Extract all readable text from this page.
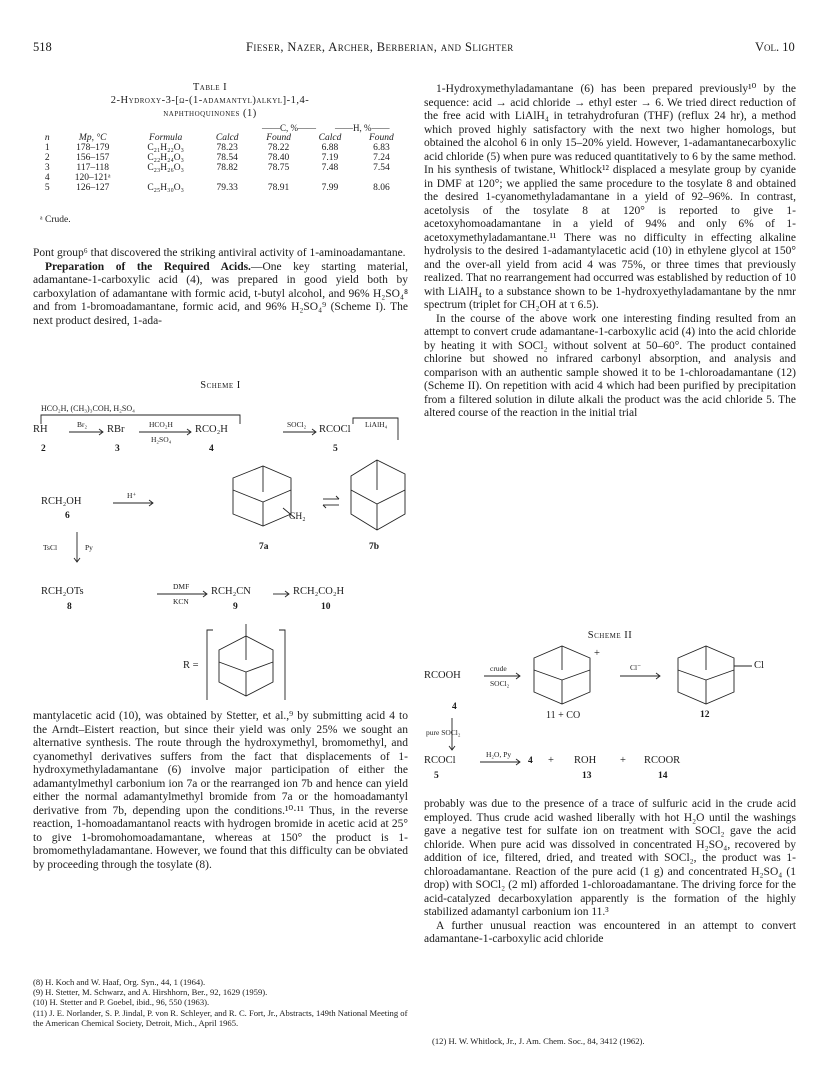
518	Fieser, Nazer, Archer, Berberian, and Slighter	Vol. 10
Table I
2-Hydroxy-3-[ω-(1-adamantyl)alkyl]-1,4-
naphthoquinones (1)
——C, %—— ——H, %——
n	Mp, °C	Formula	Calcd	Found	Calcd	Found
1	178–179	C₂₁H₂₂O₃	78.23	78.22	6.88	6.83
2	156–157	C₂₂H₂₄O₃	78.54	78.40	7.19	7.24
3	117–118	C₂₃H₂₆O₃	78.82	78.75	7.48	7.54
4	120–121ᵃ					
5	126–127	C₂₅H₃₀O₃	79.33	78.91	7.99	8.06
ᵃ Crude.

Pont group⁶ that discovered the striking antiviral activity of 1-aminoadamantane.

Preparation of the Required Acids.—One key starting material, adamantane-1-carboxylic acid (4), was prepared in good yield both by carboxylation of adamantane with formic acid, t-butyl alcohol, and 96% H₂SO₄⁸ and from 1-bromoadamantane, formic acid, and 96% H₂SO₄⁹ (Scheme I). The next product desired, 1-ada-

Scheme I
HCO₂H, (CH₃)₃COH, H₂SO₄
RH	Br₂ RBr	HCO₂H
H₂SO₄
RCO₂H	SOCl₂ RCOCl LiAlH₄
2	3	4	5
RCH₂OH
H⁺
6	CH₂
7a	7b
TsCl	Py
RCH₂OTs	DMF
KCN
RCH₂CN	RCH₂CO₂H
8	9	10
R =

mantylacetic acid (10), was obtained by Stetter, et al.,⁹ by submitting acid 4 to the Arndt–Eistert reaction, but since their yield was only 25% we sought an alternative synthesis. The route through the hydroxymethyl, bromomethyl, and cyanomethyl derivatives suffers from the fact that displacements of 1-hydroxymethyladamantane (6) involve major participation of either the adamantylmethyl carbonium ion 7a or the rearranged ion 7b and hence can yield either the normal adamantylmethyl bromide from 7a or the homoadamantyl derivative from 7b, depending upon the conditions.¹⁰·¹¹ Thus, in the reverse reaction, 1-homoadamantanol reacts with hydrogen bromide in acetic acid at 25° to give 1-bromohomoadamantane, whereas at 150° the product is 1-bromomethyladamantane. However, we found that this difficulty can be obviated by proceeding through the tosylate (8).

(8) H. Koch and W. Haaf, Org. Syn., 44, 1 (1964).
(9) H. Stetter, M. Schwarz, and A. Hirshhorn, Ber., 92, 1629 (1959).
(10) H. Stetter and P. Goebel, ibid., 96, 550 (1963).
(11) J. E. Norlander, S. P. Jindal, P. von R. Schleyer, and R. C. Fort, Jr., Abstracts, 149th National Meeting of the American Chemical Society, Detroit, Mich., April 1965.

1-Hydroxymethyladamantane (6) has been prepared previously¹⁰ by the sequence: acid → acid chloride → ethyl ester → 6. We tried direct reduction of the free acid with LiAlH₄ in tetrahydrofuran (THF) (reflux 24 hr), a method which proved highly satisfactory with the next two higher homologs, but obtained the alcohol 6 in only 15–20% yield. However, 1-adamantanecarboxylic acid chloride (5) when pure was reduced quantitatively to 6 by the same method. In his synthesis of twistane, Whitlock¹² displaced a mesylate group by cyanide in DMF at 120°; we applied the same procedure to the tosylate 8 and obtained the desired 1-cyanomethyladamantane in a yield of 92–96%. In contrast, acetolysis of the tosylate 8 at 120° is reported to give 1-acetoxyhomoadamantane in a yield of 94% and only 6% of 1-acetoxymethyladamantane.¹¹ There was no difficulty in effecting alkaline hydrolysis to the desired 1-adamantylacetic acid (10) in ethylene glycol at 150° and the over-all yield from acid 4 was 75%, or three times that previously realized. That no rearrangement had occurred was established by reduction of 10 with LiAlH₄ to a substance shown to be 1-hydroxyethyladamantane by the nmr spectrum (triplet for CH₂OH at τ 6.5).

In the course of the above work one interesting finding resulted from an attempt to convert crude adamantane-1-carboxylic acid (4) into the acid chloride by heating it with SOCl₂ without solvent at 50–60°. The product contained chlorine but showed no infrared carbonyl absorption, and analysis and comparison with an authentic sample showed it to be 1-chloroadamantane (12) (Scheme II). On repetition with acid 4 which had been purified by precipitation from a filtered solution in dilute alkali the product was the acid chloride 5. The altered course of the reaction in the initial trial

Scheme II
RCOOH
crude
SOCl₂
+
Cl⁻	Cl
4
11 + CO	12
pure SOCl₂
RCOCl
H₂O, Py
4 + ROH + RCOOR
5	13	14

probably was due to the presence of a trace of sulfuric acid in the crude acid employed. Thus crude acid washed liberally with hot H₂O until the washings gave a negative test for sulfate ion on treatment with SOCl₂ gave the acid chloride. When pure acid was dissolved in concentrated H₂SO₄, recovered by addition of ice, filtered, dried, and treated with SOCl₂, the product was 1-chloroadamantane. Reaction of the pure acid (1 g) and concentrated H₂SO₄ (1 drop) with SOCl₂ (2 ml) afforded 1-chloroadamantane. The driving force for the acid-catalyzed decarboxylation apparently is the formation of the highly stabilized adamantyl carbonium ion 11.³

A further unusual reaction was encountered in an attempt to convert adamantane-1-carboxylic acid chloride

(12) H. W. Whitlock, Jr., J. Am. Chem. Soc., 84, 3412 (1962).
